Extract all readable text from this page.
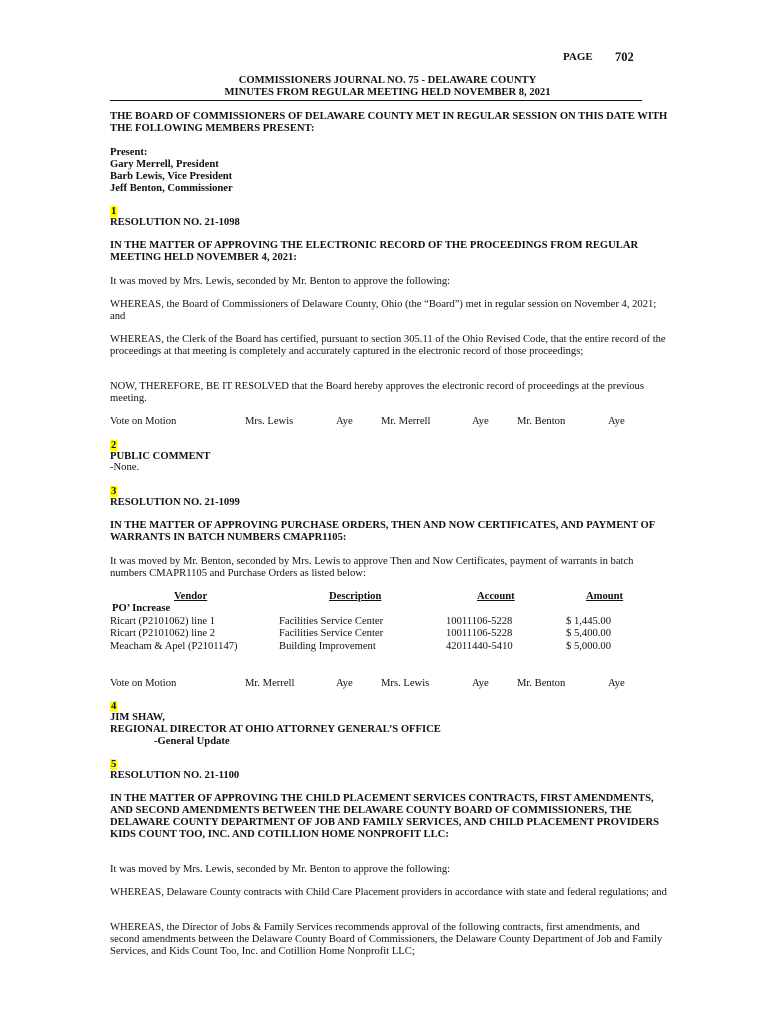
PAGE 702
COMMISSIONERS JOURNAL NO. 75 - DELAWARE COUNTY
MINUTES FROM REGULAR MEETING HELD NOVEMBER 8, 2021

THE BOARD OF COMMISSIONERS OF DELAWARE COUNTY MET IN REGULAR SESSION ON THIS DATE WITH THE FOLLOWING MEMBERS PRESENT:

Present:

Gary Merrell, President

Barb Lewis, Vice President

Jeff Benton, Commissioner

1

RESOLUTION NO. 21-1098

IN THE MATTER OF APPROVING THE ELECTRONIC RECORD OF THE PROCEEDINGS FROM REGULAR MEETING HELD NOVEMBER 4, 2021:

It was moved by Mrs. Lewis, seconded by Mr. Benton to approve the following:

WHEREAS, the Board of Commissioners of Delaware County, Ohio (the “Board”) met in regular session on November 4, 2021; and

WHEREAS, the Clerk of the Board has certified, pursuant to section 305.11 of the Ohio Revised Code, that the entire record of the proceedings at that meeting is completely and accurately captured in the electronic record of those proceedings;

NOW, THEREFORE, BE IT RESOLVED that the Board hereby approves the electronic record of proceedings at the previous meeting.

Vote on Motion	Mrs. Lewis	Aye	Mr. Merrell	Aye	Mr. Benton	Aye
2

PUBLIC COMMENT

-None.

3

RESOLUTION NO. 21-1099

IN THE MATTER OF APPROVING PURCHASE ORDERS, THEN AND NOW CERTIFICATES, AND PAYMENT OF WARRANTS IN BATCH NUMBERS CMAPR1105:

It was moved by Mr. Benton, seconded by Mrs. Lewis to approve Then and Now Certificates, payment of warrants in batch numbers CMAPR1105 and Purchase Orders as listed below:

Vendor	Description	Account	Amount
PO’ Increase
Ricart (P2101062) line 1	Facilities Service Center	10011106-5228	$ 1,445.00
Ricart (P2101062) line 2	Facilities Service Center	10011106-5228	$ 5,400.00
Meacham & Apel (P2101147)	Building Improvement	42011440-5410	$ 5,000.00
Vote on Motion	Mr. Merrell	Aye	Mrs. Lewis	Aye	Mr. Benton	Aye
4

JIM SHAW,

REGIONAL DIRECTOR AT OHIO ATTORNEY GENERAL’S OFFICE

-General Update

5

RESOLUTION NO. 21-1100

IN THE MATTER OF APPROVING THE CHILD PLACEMENT SERVICES CONTRACTS, FIRST AMENDMENTS, AND SECOND AMENDMENTS BETWEEN THE DELAWARE COUNTY BOARD OF COMMISSIONERS, THE DELAWARE COUNTY DEPARTMENT OF JOB AND FAMILY SERVICES, AND CHILD PLACEMENT PROVIDERS KIDS COUNT TOO, INC. AND COTILLION HOME NONPROFIT LLC:

It was moved by Mrs. Lewis, seconded by Mr. Benton to approve the following:

WHEREAS, Delaware County contracts with Child Care Placement providers in accordance with state and federal regulations; and

WHEREAS, the Director of Jobs & Family Services recommends approval of the following contracts, first amendments, and second amendments between the Delaware County Board of Commissioners, the Delaware County Department of Job and Family Services, and Kids Count Too, Inc. and Cotillion Home Nonprofit LLC;
